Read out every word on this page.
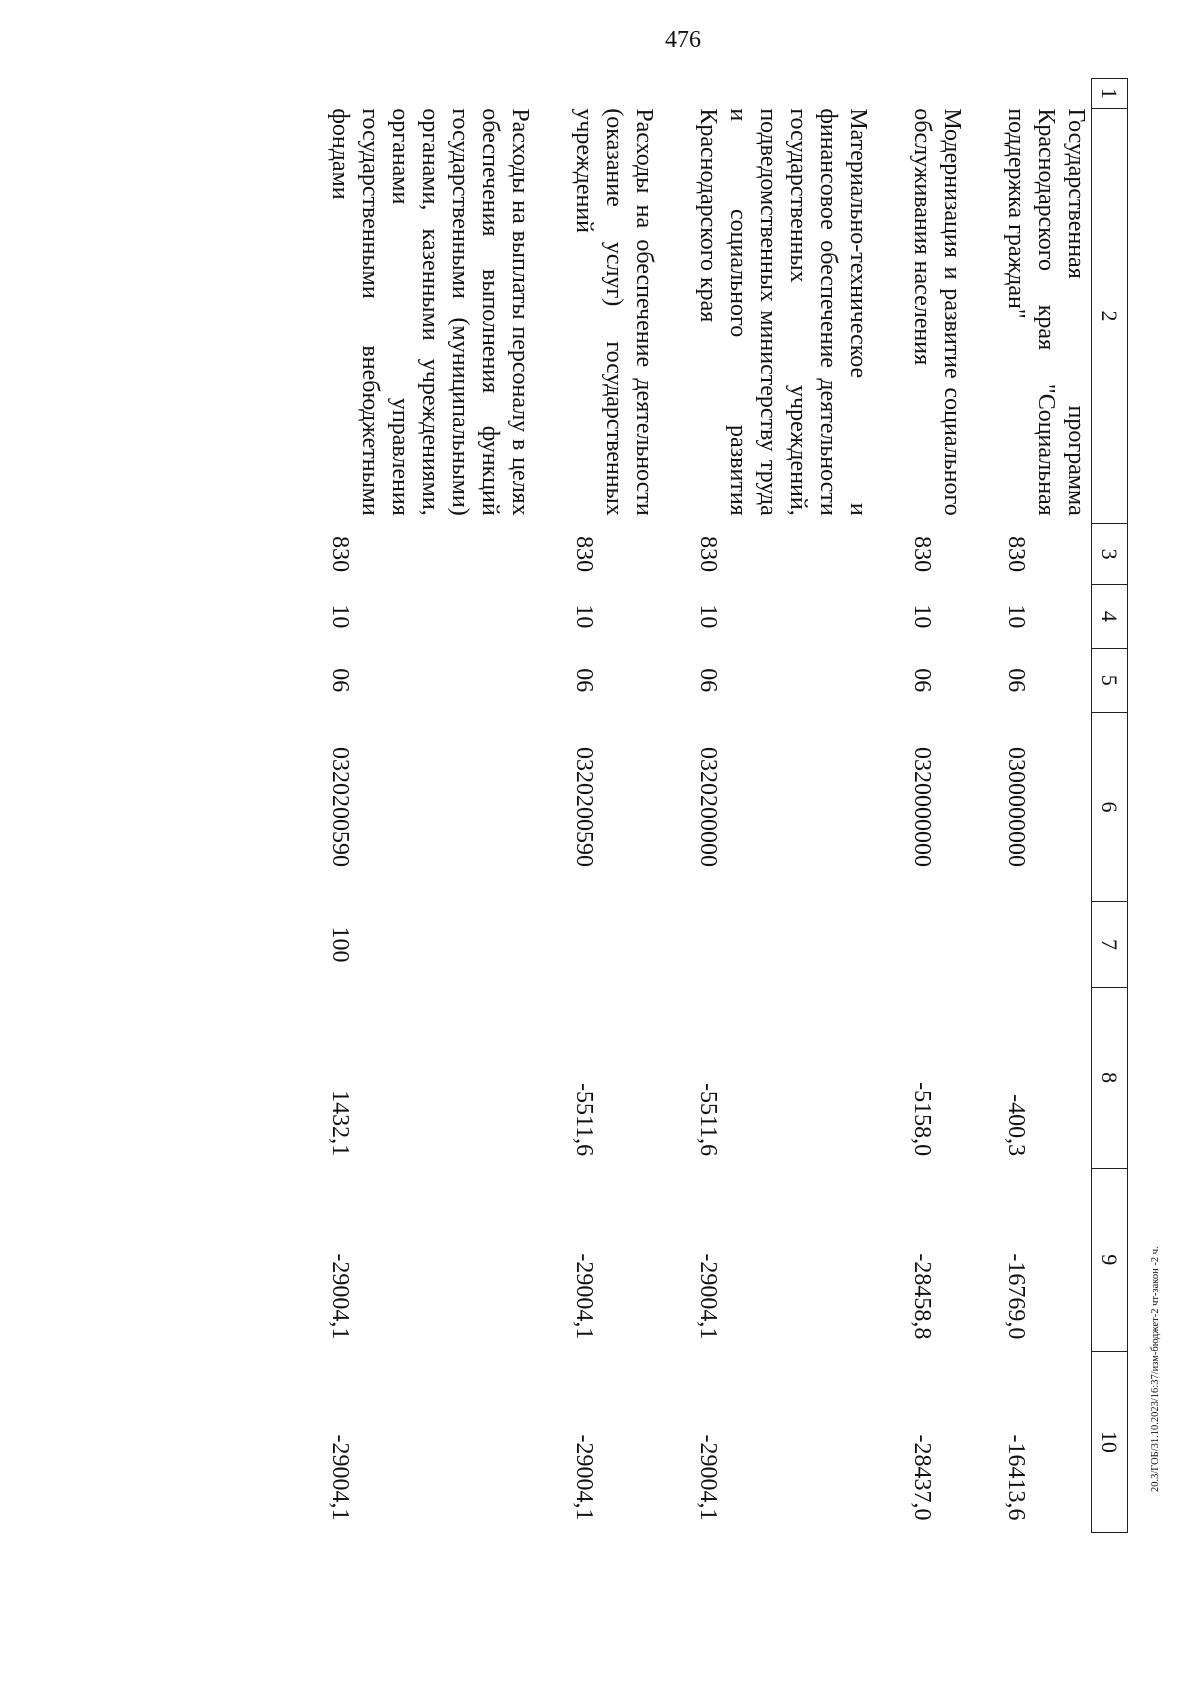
476
1	2	3	4	5	6	7	8	9	10
	Государственная программа Краснодарского края "Социальная поддержка граждан"	830	10	06	0300000000		-400,3	-16769,0	-16413,6

	Модернизация и развитие социального обслуживания населения	830	10	06	0320000000		-5158,0	-28458,8	-28437,0

	Материально-техническое и финансовое обеспечение деятельности государственных учреждений, подведомственных министерству труда и социального развития Краснодарского края	830	10	06	0320200000		-5511,6	-29004,1	-29004,1

	Расходы на обеспечение деятельности (оказание услуг) государственных учреждений	830	10	06	0320200590		-5511,6	-29004,1	-29004,1

	Расходы на выплаты персоналу в целях обеспечения выполнения функций государственными (муниципальными) органами, казенными учреждениями, органами управления государственными внебюджетными фондами	830	10	06	0320200590	100	1432,1	-29004,1	-29004,1	20.3/ГОБ/31.10.2023/16:37/изм-бюджет-2 чт-закон -2 ч.
